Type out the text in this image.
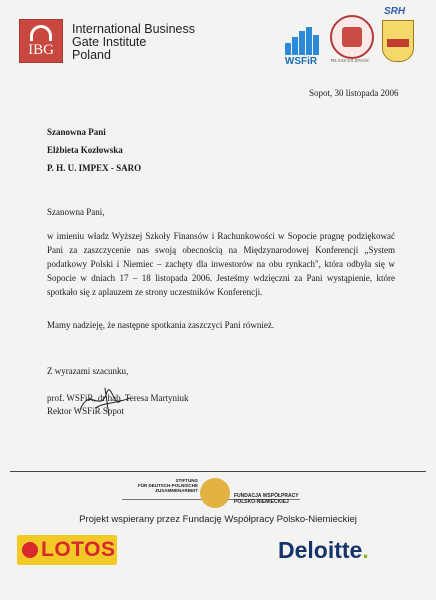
IBG
International Business
Gate Institute
Poland	WSFiR	PEŁNAR SOLIDNOŚĆ
SRH
Sopot, 30 listopada 2006
Szanowna Pani
Elżbieta Kozłowska
P. H. U. IMPEX - SARO
Szanowna Pani,
w imieniu władz Wyższej Szkoły Finansów i Rachunkowości w Sopocie pragnę podziękować Pani za zaszczycenie nas swoją obecnością na Międzynarodowej Konferencji „System podatkowy Polski i Niemiec – zachęty dla inwestorów na obu rynkach", która odbyła się w Sopocie w dniach 17 – 18 listopada 2006. Jesteśmy wdzięczni za Pani wystąpienie, które spotkało się z aplauzem ze strony uczestników Konferencji.
Mamy nadzieję, że następne spotkania zaszczyci Pani również.
Z wyrazami szacunku,
prof. WSFiR, dr hab. Teresa Martyniuk
Rektor WSFiR Sopot
STIFTUNG
FÜR DEUTSCH-POLNISCHE
ZUSAMMENARBEIT
FUNDACJA WSPÓŁPRACY
POLSKO-NIEMIECKIEJ
Projekt wspierany przez Fundację Współpracy Polsko-Niemieckiej
LOTOS	Deloitte.
